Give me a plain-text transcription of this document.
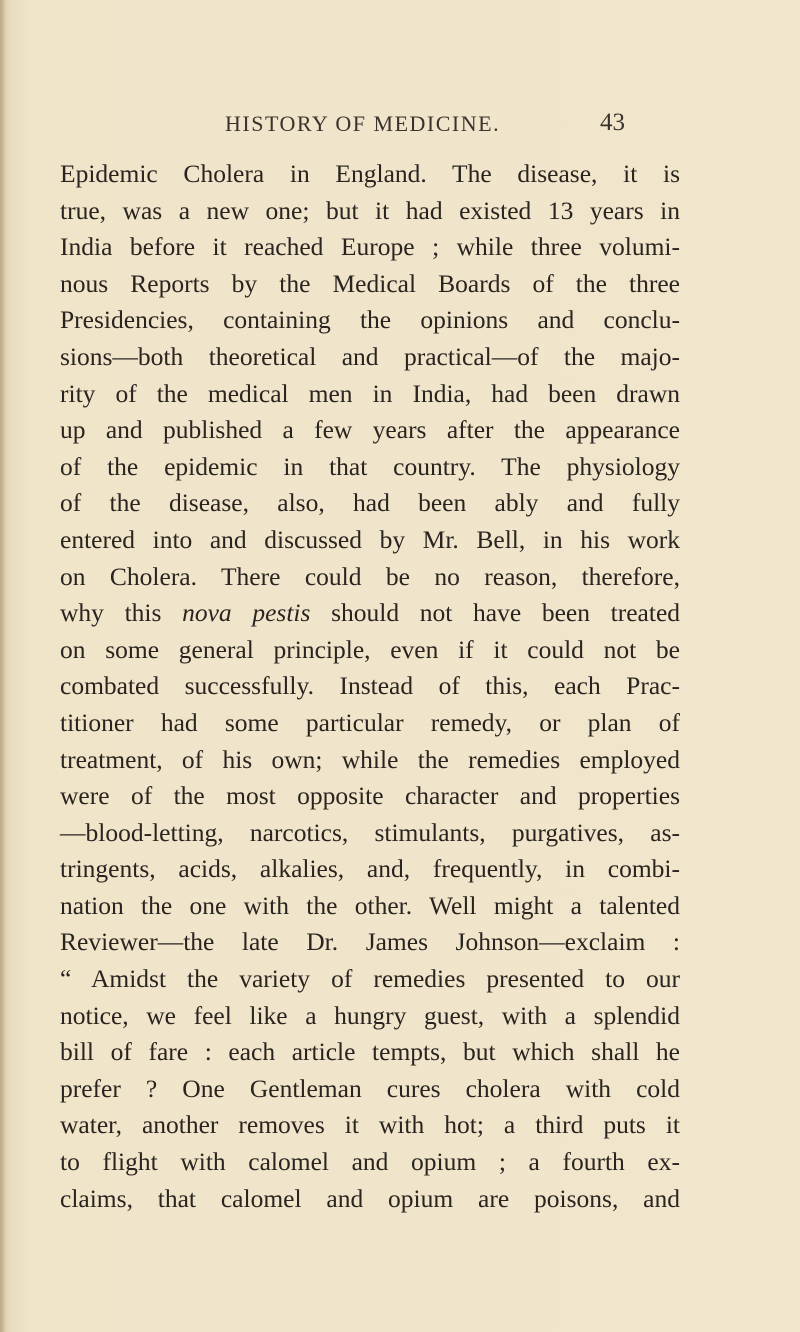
HISTORY OF MEDICINE.	43
Epidemic Cholera in England. The disease, it is
true, was a new one; but it had existed 13 years in
India before it reached Europe ; while three volumi-
nous Reports by the Medical Boards of the three
Presidencies, containing the opinions and conclu-
sions—both theoretical and practical—of the majo-
rity of the medical men in India, had been drawn
up and published a few years after the appearance
of the epidemic in that country. The physiology
of the disease, also, had been ably and fully
entered into and discussed by Mr. Bell, in his work
on Cholera. There could be no reason, therefore,
why this nova pestis should not have been treated
on some general principle, even if it could not be
combated successfully. Instead of this, each Prac-
titioner had some particular remedy, or plan of
treatment, of his own; while the remedies employed
were of the most opposite character and properties
—blood-letting, narcotics, stimulants, purgatives, as-
tringents, acids, alkalies, and, frequently, in combi-
nation the one with the other. Well might a talented
Reviewer—the late Dr. James Johnson—exclaim :
“ Amidst the variety of remedies presented to our
notice, we feel like a hungry guest, with a splendid
bill of fare : each article tempts, but which shall he
prefer ? One Gentleman cures cholera with cold
water, another removes it with hot; a third puts it
to flight with calomel and opium ; a fourth ex-
claims, that calomel and opium are poisons, and
